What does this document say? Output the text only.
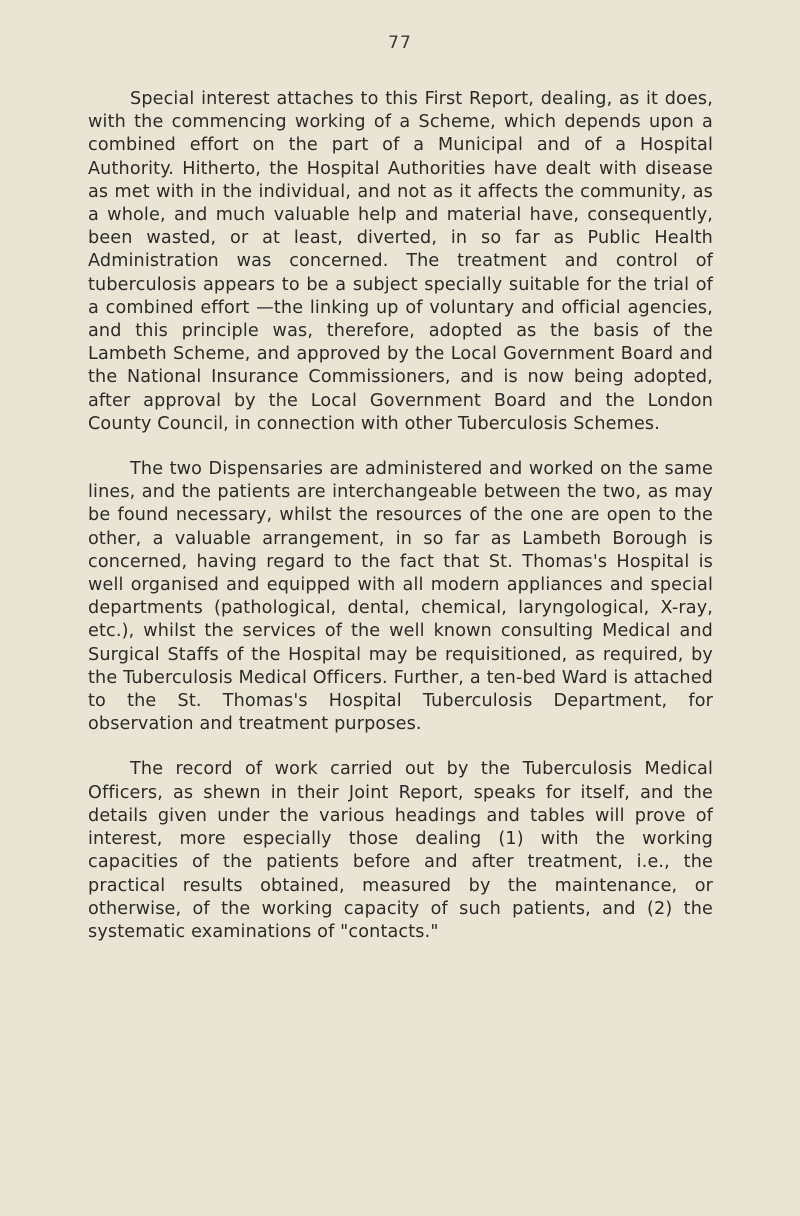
77

Special interest attaches to this First Report, dealing, as it does, with the commencing working of a Scheme, which depends upon a combined effort on the part of a Municipal and of a Hospital Authority. Hitherto, the Hospital Authorities have dealt with disease as met with in the individual, and not as it affects the community, as a whole, and much valuable help and material have, consequently, been wasted, or at least, diverted, in so far as Public Health Administration was concerned. The treatment and control of tuberculosis appears to be a subject specially suitable for the trial of a combined effort —the linking up of voluntary and official agencies, and this principle was, therefore, adopted as the basis of the Lambeth Scheme, and approved by the Local Government Board and the National Insurance Commissioners, and is now being adopted, after approval by the Local Government Board and the London County Council, in connection with other Tuberculosis Schemes.

The two Dispensaries are administered and worked on the same lines, and the patients are interchangeable between the two, as may be found necessary, whilst the resources of the one are open to the other, a valuable arrangement, in so far as Lambeth Borough is concerned, having regard to the fact that St. Thomas's Hospital is well organised and equipped with all modern appliances and special departments (pathological, dental, chemical, laryngological, X-ray, etc.), whilst the services of the well known consulting Medical and Surgical Staffs of the Hospital may be requisitioned, as required, by the Tuberculosis Medical Officers. Further, a ten-bed Ward is attached to the St. Thomas's Hospital Tuberculosis Department, for observation and treatment purposes.

The record of work carried out by the Tuberculosis Medical Officers, as shewn in their Joint Report, speaks for itself, and the details given under the various headings and tables will prove of interest, more especially those dealing (1) with the working capacities of the patients before and after treatment, i.e., the practical results obtained, measured by the maintenance, or otherwise, of the working capacity of such patients, and (2) the systematic examinations of "contacts."
